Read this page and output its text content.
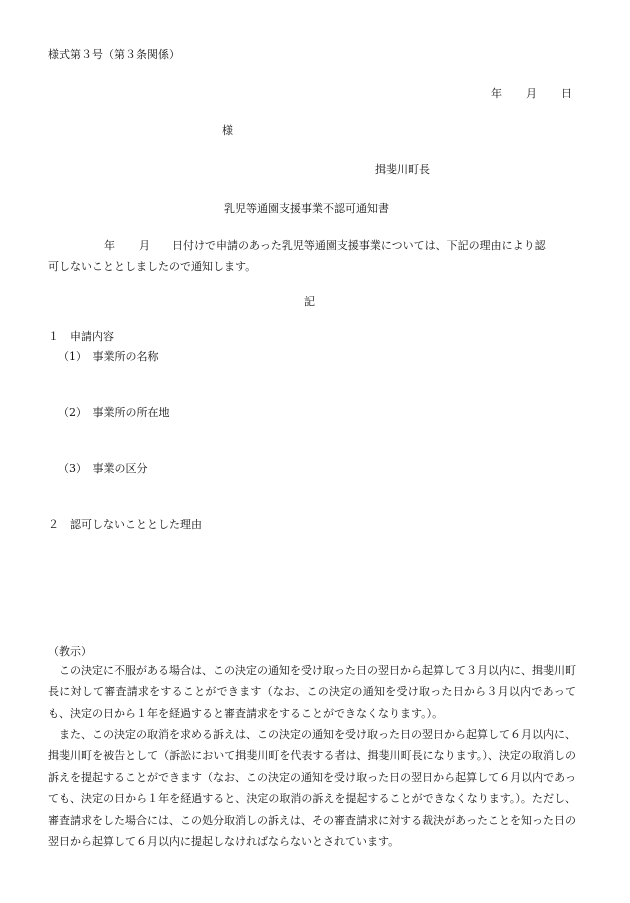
様式第３号（第３条関係）
年 月 日
様
揖斐川町長
乳児等通園支援事業不認可通知書
年 月 日付けで申請のあった乳児等通園支援事業については、下記の理由により認
可しないこととしましたので通知します。
記
１　申請内容
（1）　事業所の名称
（2）　事業所の所在地
（3）　事業の区分
２　認可しないこととした理由
（教示）
この決定に不服がある場合は、この決定の通知を受け取った日の翌日から起算して３月以内に、揖斐川町長に対して審査請求をすることができます（なお、この決定の通知を受け取った日から３月以内であっても、決定の日から１年を経過すると審査請求をすることができなくなります。）。
また、この決定の取消を求める訴えは、この決定の通知を受け取った日の翌日から起算して６月以内に、揖斐川町を被告として（訴訟において揖斐川町を代表する者は、揖斐川町長になります。）、決定の取消しの訴えを提起することができます（なお、この決定の通知を受け取った日の翌日から起算して６月以内であっても、決定の日から１年を経過すると、決定の取消の訴えを提起することができなくなります。）。ただし、審査請求をした場合には、この処分取消しの訴えは、その審査請求に対する裁決があったことを知った日の翌日から起算して６月以内に提起しなければならないとされています。
